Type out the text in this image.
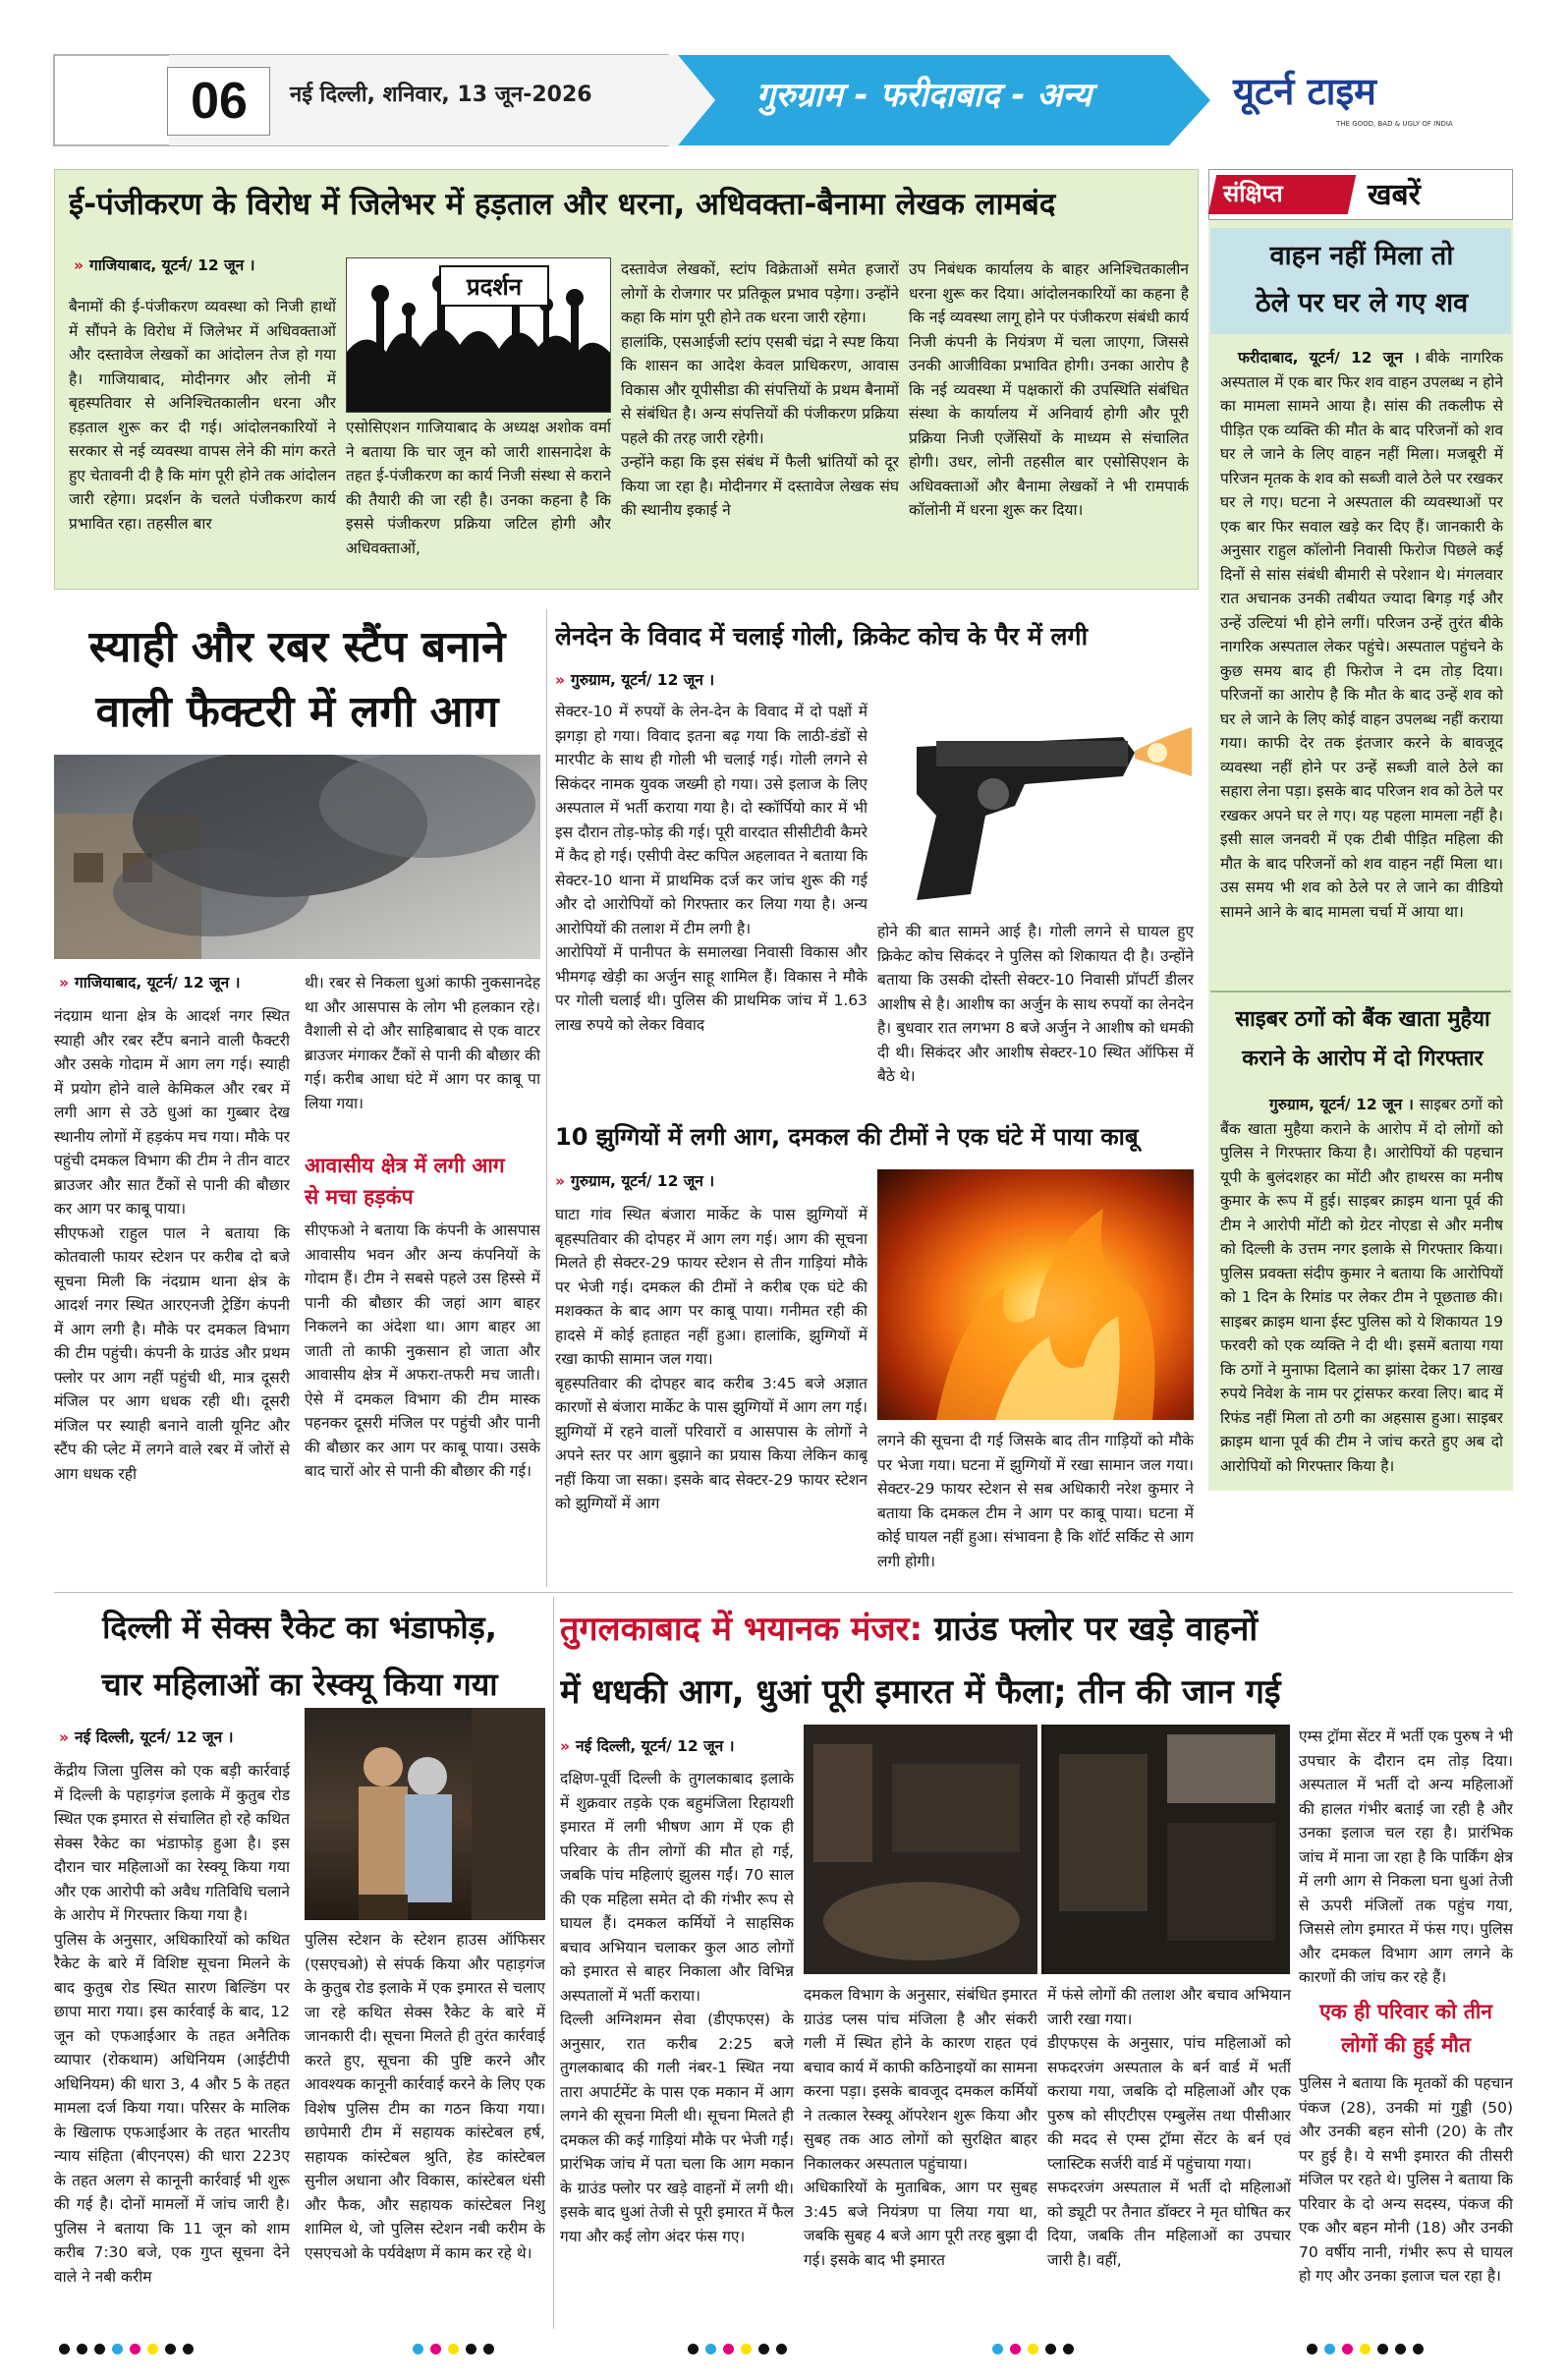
06	नई दिल्ली, शनिवार, 13 जून-2026	गुरुग्राम - फरीदाबाद - अन्य	यूटर्न टाइम
THE GOOD, BAD & UGLY OF INDIA
ई-पंजीकरण के विरोध में जिलेभर में हड़ताल और धरना, अधिवक्ता-बैनामा लेखक लामबंद
» गाजियाबाद, यूटर्न/ 12 जून ।
बैनामों की ई-पंजीकरण व्यवस्था को निजी हाथों में सौंपने के विरोध में जिलेभर में अधिवक्ताओं और दस्तावेज लेखकों का आंदोलन तेज हो गया है। गाजियाबाद, मोदीनगर और लोनी में बृहस्पतिवार से अनिश्चितकालीन धरना और हड़ताल शुरू कर दी गई। आंदोलनकारियों ने सरकार से नई व्यवस्था वापस लेने की मांग करते हुए चेतावनी दी है कि मांग पूरी होने तक आंदोलन जारी रहेगा। प्रदर्शन के चलते पंजीकरण कार्य प्रभावित रहा। तहसील बार
प्रदर्शन
एसोसिएशन गाजियाबाद के अध्यक्ष अशोक वर्मा ने बताया कि चार जून को जारी शासनादेश के तहत ई-पंजीकरण का कार्य निजी संस्था से कराने की तैयारी की जा रही है। उनका कहना है कि इससे पंजीकरण प्रक्रिया जटिल होगी और अधिवक्ताओं,
दस्तावेज लेखकों, स्टांप विक्रेताओं समेत हजारों लोगों के रोजगार पर प्रतिकूल प्रभाव पड़ेगा। उन्होंने कहा कि मांग पूरी होने तक धरना जारी रहेगा।
हालांकि, एसआईजी स्टांप एसबी चंद्रा ने स्पष्ट किया कि शासन का आदेश केवल प्राधिकरण, आवास विकास और यूपीसीडा की संपत्तियों के प्रथम बैनामों से संबंधित है। अन्य संपत्तियों की पंजीकरण प्रक्रिया पहले की तरह जारी रहेगी।
उन्होंने कहा कि इस संबंध में फैली भ्रांतियों को दूर किया जा रहा है। मोदीनगर में दस्तावेज लेखक संघ की स्थानीय इकाई ने
उप निबंधक कार्यालय के बाहर अनिश्चितकालीन धरना शुरू कर दिया। आंदोलनकारियों का कहना है कि नई व्यवस्था लागू होने पर पंजीकरण संबंधी कार्य निजी कंपनी के नियंत्रण में चला जाएगा, जिससे उनकी आजीविका प्रभावित होगी। उनका आरोप है कि नई व्यवस्था में पक्षकारों की उपस्थिति संबंधित संस्था के कार्यालय में अनिवार्य होगी और पूरी प्रक्रिया निजी एजेंसियों के माध्यम से संचालित होगी। उधर, लोनी तहसील बार एसोसिएशन के अधिवक्ताओं और बैनामा लेखकों ने भी रामपार्क कॉलोनी में धरना शुरू कर दिया।
संक्षिप्त	खबरें
वाहन नहीं मिला तो
ठेले पर घर ले गए शव
फरीदाबाद, यूटर्न/ 12 जून । बीके नागरिक अस्पताल में एक बार फिर शव वाहन उपलब्ध न होने का मामला सामने आया है। सांस की तकलीफ से पीड़ित एक व्यक्ति की मौत के बाद परिजनों को शव घर ले जाने के लिए वाहन नहीं मिला। मजबूरी में परिजन मृतक के शव को सब्जी वाले ठेले पर रखकर घर ले गए। घटना ने अस्पताल की व्यवस्थाओं पर एक बार फिर सवाल खड़े कर दिए हैं। जानकारी के अनुसार राहुल कॉलोनी निवासी फिरोज पिछले कई दिनों से सांस संबंधी बीमारी से परेशान थे। मंगलवार रात अचानक उनकी तबीयत ज्यादा बिगड़ गई और उन्हें उल्टियां भी होने लगीं। परिजन उन्हें तुरंत बीके नागरिक अस्पताल लेकर पहुंचे। अस्पताल पहुंचने के कुछ समय बाद ही फिरोज ने दम तोड़ दिया। परिजनों का आरोप है कि मौत के बाद उन्हें शव को घर ले जाने के लिए कोई वाहन उपलब्ध नहीं कराया गया। काफी देर तक इंतजार करने के बावजूद व्यवस्था नहीं होने पर उन्हें सब्जी वाले ठेले का सहारा लेना पड़ा। इसके बाद परिजन शव को ठेले पर रखकर अपने घर ले गए। यह पहला मामला नहीं है। इसी साल जनवरी में एक टीबी पीड़ित महिला की मौत के बाद परिजनों को शव वाहन नहीं मिला था। उस समय भी शव को ठेले पर ले जाने का वीडियो सामने आने के बाद मामला चर्चा में आया था।
साइबर ठगों को बैंक खाता मुहैया
कराने के आरोप में दो गिरफ्तार
गुरुग्राम, यूटर्न/ 12 जून । साइबर ठगों को बैंक खाता मुहैया कराने के आरोप में दो लोगों को पुलिस ने गिरफ्तार किया है। आरोपियों की पहचान यूपी के बुलंदशहर का मोंटी और हाथरस का मनीष कुमार के रूप में हुई। साइबर क्राइम थाना पूर्व की टीम ने आरोपी मोंटी को ग्रेटर नोएडा से और मनीष को दिल्ली के उत्तम नगर इलाके से गिरफ्तार किया। पुलिस प्रवक्ता संदीप कुमार ने बताया कि आरोपियों को 1 दिन के रिमांड पर लेकर टीम ने पूछताछ की। साइबर क्राइम थाना ईस्ट पुलिस को ये शिकायत 19 फरवरी को एक व्यक्ति ने दी थी। इसमें बताया गया कि ठगों ने मुनाफा दिलाने का झांसा देकर 17 लाख रुपये निवेश के नाम पर ट्रांसफर करवा लिए। बाद में रिफंड नहीं मिला तो ठगी का अहसास हुआ। साइबर क्राइम थाना पूर्व की टीम ने जांच करते हुए अब दो आरोपियों को गिरफ्तार किया है।
स्याही और रबर स्टैंप बनाने
वाली फैक्टरी में लगी आग
» गाजियाबाद, यूटर्न/ 12 जून ।
नंदग्राम थाना क्षेत्र के आदर्श नगर स्थित स्याही और रबर स्टैंप बनाने वाली फैक्टरी और उसके गोदाम में आग लग गई। स्याही में प्रयोग होने वाले केमिकल और रबर में लगी आग से उठे धुआं का गुब्बार देख स्थानीय लोगों में हड़कंप मच गया। मौके पर पहुंची दमकल विभाग की टीम ने तीन वाटर ब्राउजर और सात टैंकों से पानी की बौछार कर आग पर काबू पाया।
सीएफओ राहुल पाल ने बताया कि कोतवाली फायर स्टेशन पर करीब दो बजे सूचना मिली कि नंदग्राम थाना क्षेत्र के आदर्श नगर स्थित आरएनजी ट्रेडिंग कंपनी में आग लगी है। मौके पर दमकल विभाग की टीम पहुंची। कंपनी के ग्राउंड और प्रथम फ्लोर पर आग नहीं पहुंची थी, मात्र दूसरी मंजिल पर आग धधक रही थी। दूसरी मंजिल पर स्याही बनाने वाली यूनिट और स्टैंप की प्लेट में लगने वाले रबर में जोरों से आग धधक रही
थी। रबर से निकला धुआं काफी नुकसानदेह था और आसपास के लोग भी हलकान रहे। वैशाली से दो और साहिबाबाद से एक वाटर ब्राउजर मंगाकर टैंकों से पानी की बौछार की गई। करीब आधा घंटे में आग पर काबू पा लिया गया।
आवासीय क्षेत्र में लगी आग
से मचा हड़कंप
सीएफओ ने बताया कि कंपनी के आसपास आवासीय भवन और अन्य कंपनियों के गोदाम हैं। टीम ने सबसे पहले उस हिस्से में पानी की बौछार की जहां आग बाहर निकलने का अंदेशा था। आग बाहर आ जाती तो काफी नुकसान हो जाता और आवासीय क्षेत्र में अफरा-तफरी मच जाती। ऐसे में दमकल विभाग की टीम मास्क पहनकर दूसरी मंजिल पर पहुंची और पानी की बौछार कर आग पर काबू पाया। उसके बाद चारों ओर से पानी की बौछार की गई।
लेनदेन के विवाद में चलाई गोली, क्रिकेट कोच के पैर में लगी
» गुरुग्राम, यूटर्न/ 12 जून ।
सेक्टर-10 में रुपयों के लेन-देन के विवाद में दो पक्षों में झगड़ा हो गया। विवाद इतना बढ़ गया कि लाठी-डंडों से मारपीट के साथ ही गोली भी चलाई गई। गोली लगने से सिकंदर नामक युवक जख्मी हो गया। उसे इलाज के लिए अस्पताल में भर्ती कराया गया है। दो स्कॉर्पियो कार में भी इस दौरान तोड़-फोड़ की गई। पूरी वारदात सीसीटीवी कैमरे में कैद हो गई। एसीपी वेस्ट कपिल अहलावत ने बताया कि सेक्टर-10 थाना में प्राथमिक दर्ज कर जांच शुरू की गई और दो आरोपियों को गिरफ्तार कर लिया गया है। अन्य आरोपियों की तलाश में टीम लगी है।
आरोपियों में पानीपत के समालखा निवासी विकास और भीमगढ़ खेड़ी का अर्जुन साहू शामिल हैं। विकास ने मौके पर गोली चलाई थी। पुलिस की प्राथमिक जांच में 1.63 लाख रुपये को लेकर विवाद
होने की बात सामने आई है। गोली लगने से घायल हुए क्रिकेट कोच सिकंदर ने पुलिस को शिकायत दी है। उन्होंने बताया कि उसकी दोस्ती सेक्टर-10 निवासी प्रॉपर्टी डीलर आशीष से है। आशीष का अर्जुन के साथ रुपयों का लेनदेन है। बुधवार रात लगभग 8 बजे अर्जुन ने आशीष को धमकी दी थी। सिकंदर और आशीष सेक्टर-10 स्थित ऑफिस में बैठे थे।
10 झुग्गियों में लगी आग, दमकल की टीमों ने एक घंटे में पाया काबू
» गुरुग्राम, यूटर्न/ 12 जून ।
घाटा गांव स्थित बंजारा मार्केट के पास झुग्गियों में बृहस्पतिवार की दोपहर में आग लग गई। आग की सूचना मिलते ही सेक्टर-29 फायर स्टेशन से तीन गाड़ियां मौके पर भेजी गई। दमकल की टीमों ने करीब एक घंटे की मशक्कत के बाद आग पर काबू पाया। गनीमत रही की हादसे में कोई हताहत नहीं हुआ। हालांकि, झुग्गियों में रखा काफी सामान जल गया।
बृहस्पतिवार की दोपहर बाद करीब 3:45 बजे अज्ञात कारणों से बंजारा मार्केट के पास झुग्गियों में आग लग गई। झुग्गियों में रहने वालों परिवारों व आसपास के लोगों ने अपने स्तर पर आग बुझाने का प्रयास किया लेकिन काबू नहीं किया जा सका। इसके बाद सेक्टर-29 फायर स्टेशन को झुग्गियों में आग
लगने की सूचना दी गई जिसके बाद तीन गाड़ियों को मौके पर भेजा गया। घटना में झुग्गियों में रखा सामान जल गया। सेक्टर-29 फायर स्टेशन से सब अधिकारी नरेश कुमार ने बताया कि दमकल टीम ने आग पर काबू पाया। घटना में कोई घायल नहीं हुआ। संभावना है कि शॉर्ट सर्किट से आग लगी होगी।
दिल्ली में सेक्स रैकेट का भंडाफोड़,
चार महिलाओं का रेस्क्यू किया गया
» नई दिल्ली, यूटर्न/ 12 जून ।
केंद्रीय जिला पुलिस को एक बड़ी कार्रवाई में दिल्ली के पहाड़गंज इलाके में कुतुब रोड स्थित एक इमारत से संचालित हो रहे कथित सेक्स रैकेट का भंडाफोड़ हुआ है। इस दौरान चार महिलाओं का रेस्क्यू किया गया और एक आरोपी को अवैध गतिविधि चलाने के आरोप में गिरफ्तार किया गया है।
पुलिस के अनुसार, अधिकारियों को कथित रैकेट के बारे में विशिष्ट सूचना मिलने के बाद कुतुब रोड स्थित सारण बिल्डिंग पर छापा मारा गया। इस कार्रवाई के बाद, 12 जून को एफआईआर के तहत अनैतिक व्यापार (रोकथाम) अधिनियम (आईटीपी अधिनियम) की धारा 3, 4 और 5 के तहत मामला दर्ज किया गया। परिसर के मालिक के खिलाफ एफआईआर के तहत भारतीय न्याय संहिता (बीएनएस) की धारा 223ए के तहत अलग से कानूनी कार्रवाई भी शुरू की गई है। दोनों मामलों में जांच जारी है। पुलिस ने बताया कि 11 जून को शाम करीब 7:30 बजे, एक गुप्त सूचना देने वाले ने नबी करीम
पुलिस स्टेशन के स्टेशन हाउस ऑफिसर (एसएचओ) से संपर्क किया और पहाड़गंज के कुतुब रोड इलाके में एक इमारत से चलाए जा रहे कथित सेक्स रैकेट के बारे में जानकारी दी। सूचना मिलते ही तुरंत कार्रवाई करते हुए, सूचना की पुष्टि करने और आवश्यक कानूनी कार्रवाई करने के लिए एक विशेष पुलिस टीम का गठन किया गया। छापेमारी टीम में सहायक कांस्टेबल हर्ष, सहायक कांस्टेबल श्रुति, हेड कांस्टेबल सुनील अधाना और विकास, कांस्टेबल धंसी और फैक, और सहायक कांस्टेबल निशु शामिल थे, जो पुलिस स्टेशन नबी करीम के एसएचओ के पर्यवेक्षण में काम कर रहे थे।
तुगलकाबाद में भयानक मंजर: ग्राउंड फ्लोर पर खड़े वाहनों
में धधकी आग, धुआं पूरी इमारत में फैला; तीन की जान गई
» नई दिल्ली, यूटर्न/ 12 जून ।
दक्षिण-पूर्वी दिल्ली के तुगलकाबाद इलाके में शुक्रवार तड़के एक बहुमंजिला रिहायशी इमारत में लगी भीषण आग में एक ही परिवार के तीन लोगों की मौत हो गई, जबकि पांच महिलाएं झुलस गईं। 70 साल की एक महिला समेत दो की गंभीर रूप से घायल हैं। दमकल कर्मियों ने साहसिक बचाव अभियान चलाकर कुल आठ लोगों को इमारत से बाहर निकाला और विभिन्न अस्पतालों में भर्ती कराया।
दिल्ली अग्निशमन सेवा (डीएफएस) के अनुसार, रात करीब 2:25 बजे तुगलकाबाद की गली नंबर-1 स्थित नया तारा अपार्टमेंट के पास एक मकान में आग लगने की सूचना मिली थी। सूचना मिलते ही दमकल की कई गाड़ियां मौके पर भेजी गईं। प्रारंभिक जांच में पता चला कि आग मकान के ग्राउंड फ्लोर पर खड़े वाहनों में लगी थी। इसके बाद धुआं तेजी से पूरी इमारत में फैल गया और कई लोग अंदर फंस गए।
दमकल विभाग के अनुसार, संबंधित इमारत ग्राउंड प्लस पांच मंजिला है और संकरी गली में स्थित होने के कारण राहत एवं बचाव कार्य में काफी कठिनाइयों का सामना करना पड़ा। इसके बावजूद दमकल कर्मियों ने तत्काल रेस्क्यू ऑपरेशन शुरू किया और सुबह तक आठ लोगों को सुरक्षित बाहर निकालकर अस्पताल पहुंचाया।
अधिकारियों के मुताबिक, आग पर सुबह 3:45 बजे नियंत्रण पा लिया गया था, जबकि सुबह 4 बजे आग पूरी तरह बुझा दी गई। इसके बाद भी इमारत
में फंसे लोगों की तलाश और बचाव अभियान जारी रखा गया।
डीएफएस के अनुसार, पांच महिलाओं को सफदरजंग अस्पताल के बर्न वार्ड में भर्ती कराया गया, जबकि दो महिलाओं और एक पुरुष को सीएटीएस एम्बुलेंस तथा पीसीआर की मदद से एम्स ट्रॉमा सेंटर के बर्न एवं प्लास्टिक सर्जरी वार्ड में पहुंचाया गया।
सफदरजंग अस्पताल में भर्ती दो महिलाओं को ड्यूटी पर तैनात डॉक्टर ने मृत घोषित कर दिया, जबकि तीन महिलाओं का उपचार जारी है। वहीं,
एम्स ट्रॉमा सेंटर में भर्ती एक पुरुष ने भी उपचार के दौरान दम तोड़ दिया। अस्पताल में भर्ती दो अन्य महिलाओं की हालत गंभीर बताई जा रही है और उनका इलाज चल रहा है। प्रारंभिक जांच में माना जा रहा है कि पार्किंग क्षेत्र में लगी आग से निकला घना धुआं तेजी से ऊपरी मंजिलों तक पहुंच गया, जिससे लोग इमारत में फंस गए। पुलिस और दमकल विभाग आग लगने के कारणों की जांच कर रहे हैं।
एक ही परिवार को तीन
लोगों की हुई मौत
पुलिस ने बताया कि मृतकों की पहचान पंकज (28), उनकी मां गुड्डी (50) और उनकी बहन सोनी (20) के तौर पर हुई है। ये सभी इमारत की तीसरी मंजिल पर रहते थे। पुलिस ने बताया कि परिवार के दो अन्य सदस्य, पंकज की एक और बहन मोनी (18) और उनकी 70 वर्षीय नानी, गंभीर रूप से घायल हो गए और उनका इलाज चल रहा है।
